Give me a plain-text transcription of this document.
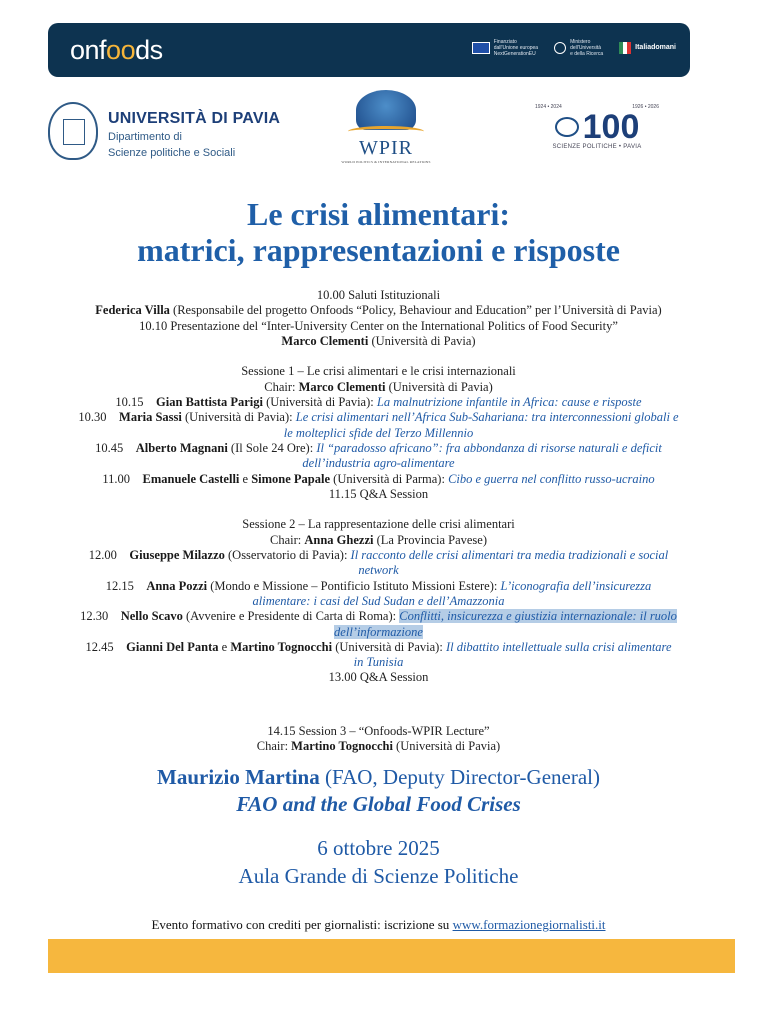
onfoods	Finanziato
dall'Unione europea
NextGenerationEU
Ministero
dell'Università
e della Ricerca
Italiadomani
UNIVERSITÀ DI PAVIA
Dipartimento di
Scienze politiche e Sociali	WPIR
WORLD POLITICS & INTERNATIONAL RELATIONS
1924 • 2024	1926 • 2026
100
SCIENZE POLITICHE • PAVIA
Le crisi alimentari:
matrici, rappresentazioni e risposte
10.00 Saluti Istituzionali
Federica Villa (Responsabile del progetto Onfoods “Policy, Behaviour and Education” per l’Università di Pavia)
10.10 Presentazione del “Inter-University Center on the International Politics of Food Security”
Marco Clementi (Università di Pavia)
Sessione 1 – Le crisi alimentari e le crisi internazionali
Chair: Marco Clementi (Università di Pavia)
10.15 Gian Battista Parigi (Università di Pavia): La malnutrizione infantile in Africa: cause e risposte
10.30 Maria Sassi (Università di Pavia): Le crisi alimentari nell’Africa Sub-Sahariana: tra interconnessioni globali e
le molteplici sfide del Terzo Millennio
10.45 Alberto Magnani (Il Sole 24 Ore): Il “paradosso africano”: fra abbondanza di risorse naturali e deficit
dell’industria agro-alimentare
11.00 Emanuele Castelli e Simone Papale (Università di Parma): Cibo e guerra nel conflitto russo-ucraino
11.15 Q&A Session
Sessione 2 – La rappresentazione delle crisi alimentari
Chair: Anna Ghezzi (La Provincia Pavese)
12.00 Giuseppe Milazzo (Osservatorio di Pavia): Il racconto delle crisi alimentari tra media tradizionali e social
network
12.15 Anna Pozzi (Mondo e Missione – Pontificio Istituto Missioni Estere): L’iconografia dell’insicurezza
alimentare: i casi del Sud Sudan e dell’Amazzonia
12.30 Nello Scavo (Avvenire e Presidente di Carta di Roma): Conflitti, insicurezza e giustizia internazionale: il ruolo
dell’informazione
12.45 Gianni Del Panta e Martino Tognocchi (Università di Pavia): Il dibattito intellettuale sulla crisi alimentare
in Tunisia
13.00 Q&A Session
14.15 Session 3 – “Onfoods-WPIR Lecture”
Chair: Martino Tognocchi (Università di Pavia)
Maurizio Martina (FAO, Deputy Director-General)
FAO and the Global Food Crises
6 ottobre 2025
Aula Grande di Scienze Politiche
Evento formativo con crediti per giornalisti: iscrizione su www.formazionegiornalisti.it
